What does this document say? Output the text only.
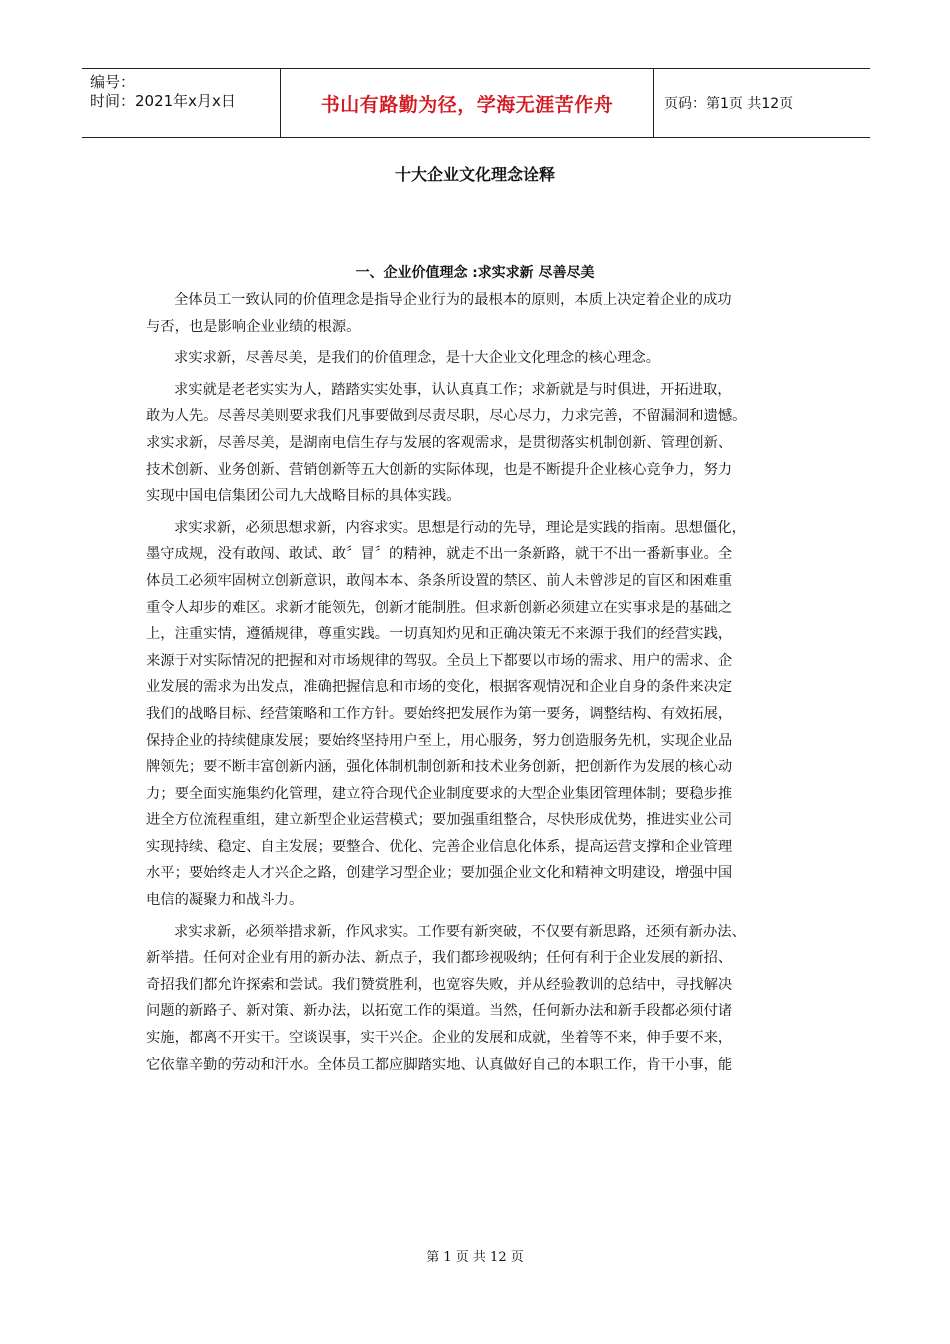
编号：
时间：2021年x月x日	书山有路勤为径，学海无涯苦作舟	页码：第1页 共12页
十大企业文化理念诠释
一、企业价值理念 ׃求实求新 尽善尽美
全体员工一致认同的价值理念是指导企业行为的最根本的原则，本质上决定着企业的成功
与否，也是影响企业业绩的根源。
求实求新，尽善尽美，是我们的价值理念，是十大企业文化理念的核心理念。
求实就是老老实实为人，踏踏实实处事，认认真真工作；求新就是与时俱进，开拓进取，
敢为人先。尽善尽美则要求我们凡事要做到尽责尽职，尽心尽力，力求完善，不留漏洞和遗憾。
求实求新，尽善尽美，是湖南电信生存与发展的客观需求，是贯彻落实机制创新、管理创新、
技术创新、业务创新、营销创新等五大创新的实际体现，也是不断提升企业核心竞争力，努力
实现中国电信集团公司九大战略目标的具体实践。
求实求新，必须思想求新，内容求实。思想是行动的先导，理论是实践的指南。思想僵化，
墨守成规，没有敢闯、敢试、敢〞冒〞的精神，就走不出一条新路，就干不出一番新事业。全
体员工必须牢固树立创新意识，敢闯本本、条条所设置的禁区、前人未曾涉足的盲区和困难重
重令人却步的难区。求新才能领先，创新才能制胜。但求新创新必须建立在实事求是的基础之
上，注重实情，遵循规律，尊重实践。一切真知灼见和正确决策无不来源于我们的经营实践，
来源于对实际情况的把握和对市场规律的驾驭。全员上下都要以市场的需求、用户的需求、企
业发展的需求为出发点，准确把握信息和市场的变化，根据客观情况和企业自身的条件来决定
我们的战略目标、经营策略和工作方针。要始终把发展作为第一要务，调整结构、有效拓展，
保持企业的持续健康发展；要始终坚持用户至上，用心服务，努力创造服务先机，实现企业品
牌领先；要不断丰富创新内涵，强化体制机制创新和技术业务创新，把创新作为发展的核心动
力；要全面实施集约化管理，建立符合现代企业制度要求的大型企业集团管理体制；要稳步推
进全方位流程重组，建立新型企业运营模式；要加强重组整合，尽快形成优势，推进实业公司
实现持续、稳定、自主发展；要整合、优化、完善企业信息化体系，提高运营支撑和企业管理
水平；要始终走人才兴企之路，创建学习型企业；要加强企业文化和精神文明建设，增强中国
电信的凝聚力和战斗力。
求实求新，必须举措求新，作风求实。工作要有新突破，不仅要有新思路，还须有新办法、
新举措。任何对企业有用的新办法、新点子，我们都珍视吸纳；任何有利于企业发展的新招、
奇招我们都允许探索和尝试。我们赞赏胜利，也宽容失败，并从经验教训的总结中，寻找解决
问题的新路子、新对策、新办法，以拓宽工作的渠道。当然，任何新办法和新手段都必须付诸
实施，都离不开实干。空谈误事，实干兴企。企业的发展和成就，坐着等不来，伸手要不来，
它依靠辛勤的劳动和汗水。全体员工都应脚踏实地、认真做好自己的本职工作，肯干小事，能
第 1 页 共 12 页
